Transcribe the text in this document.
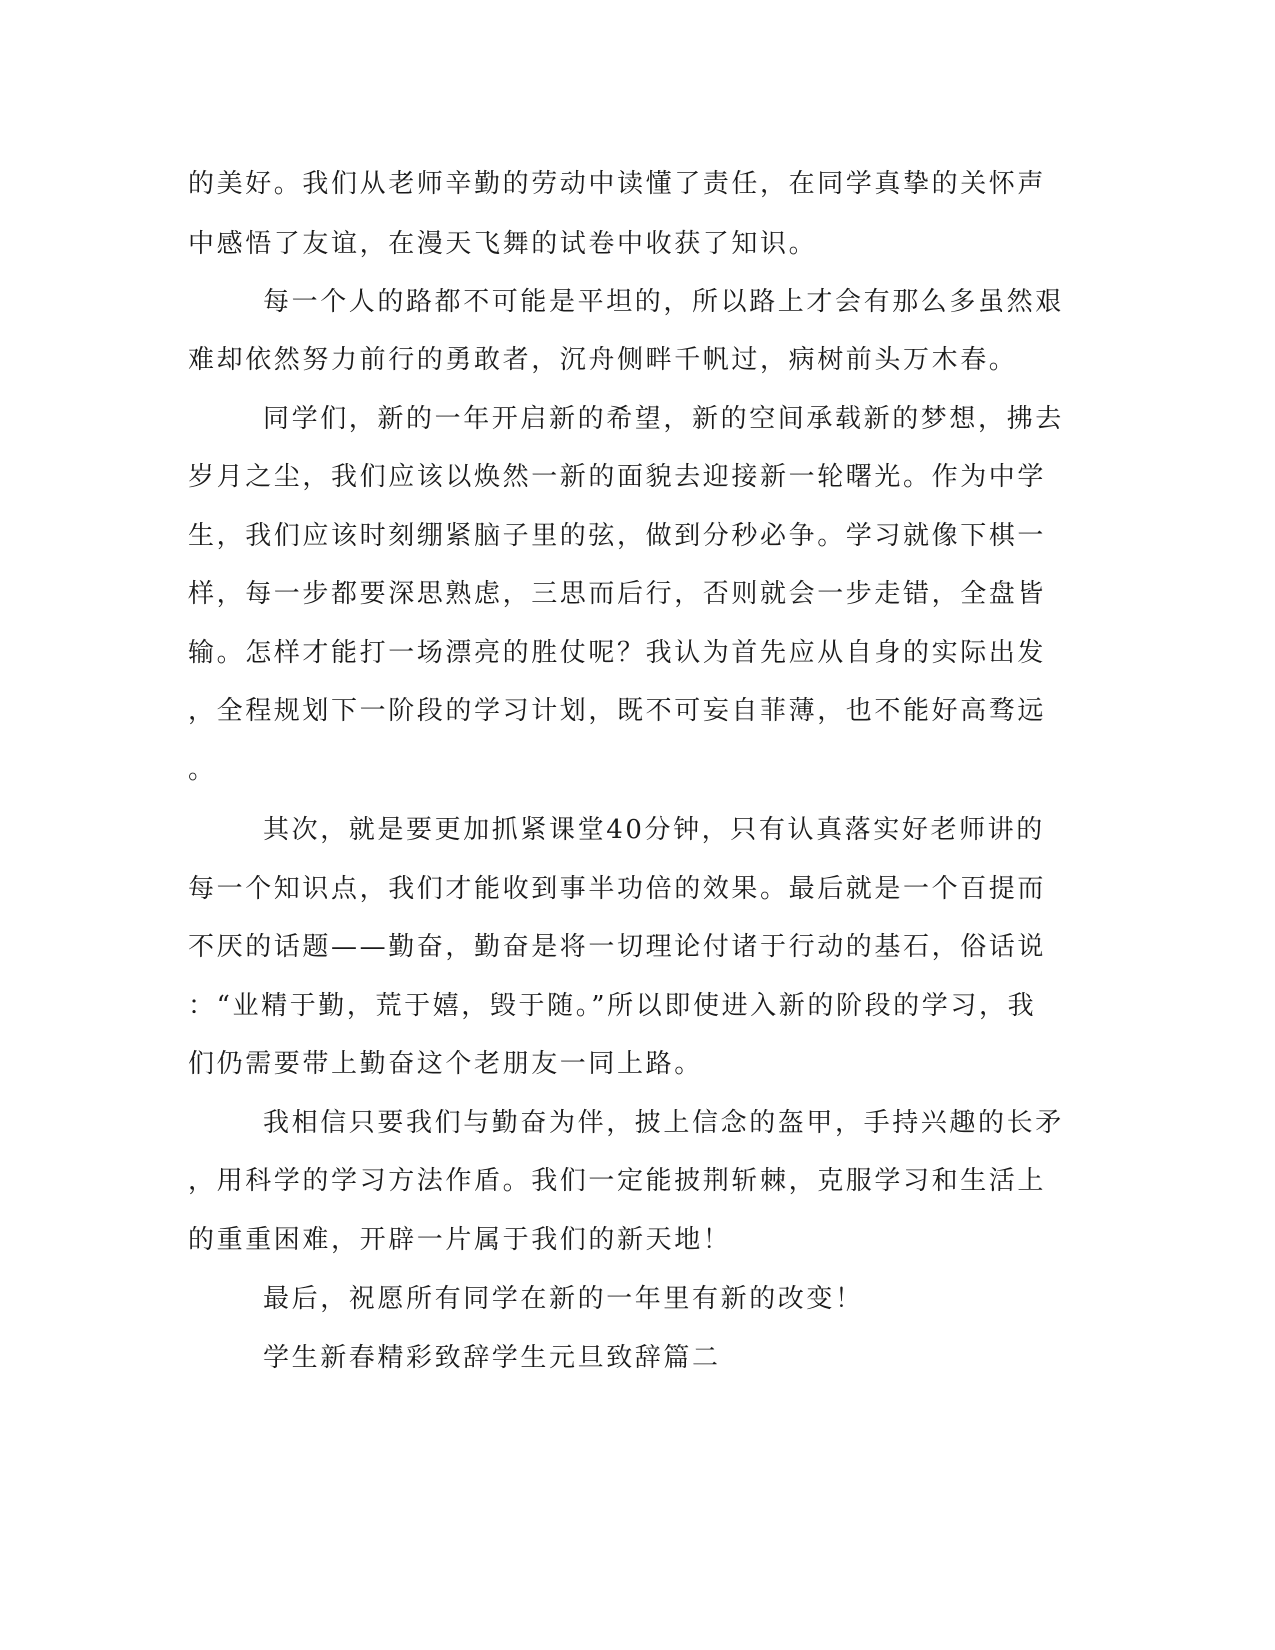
的美好。我们从老师辛勤的劳动中读懂了责任，在同学真挚的关怀声

中感悟了友谊，在漫天飞舞的试卷中收获了知识。

每一个人的路都不可能是平坦的，所以路上才会有那么多虽然艰

难却依然努力前行的勇敢者，沉舟侧畔千帆过，病树前头万木春。

同学们，新的一年开启新的希望，新的空间承载新的梦想，拂去

岁月之尘，我们应该以焕然一新的面貌去迎接新一轮曙光。作为中学

生，我们应该时刻绷紧脑子里的弦，做到分秒必争。学习就像下棋一

样，每一步都要深思熟虑，三思而后行，否则就会一步走错，全盘皆

输。怎样才能打一场漂亮的胜仗呢？我认为首先应从自身的实际出发

，全程规划下一阶段的学习计划，既不可妄自菲薄，也不能好高骛远

。

其次，就是要更加抓紧课堂40分钟，只有认真落实好老师讲的

每一个知识点，我们才能收到事半功倍的效果。最后就是一个百提而

不厌的话题——勤奋，勤奋是将一切理论付诸于行动的基石，俗话说

：“业精于勤，荒于嬉，毁于随。”所以即使进入新的阶段的学习，我

们仍需要带上勤奋这个老朋友一同上路。

我相信只要我们与勤奋为伴，披上信念的盔甲，手持兴趣的长矛

，用科学的学习方法作盾。我们一定能披荆斩棘，克服学习和生活上

的重重困难，开辟一片属于我们的新天地！

最后，祝愿所有同学在新的一年里有新的改变！

学生新春精彩致辞学生元旦致辞篇二
